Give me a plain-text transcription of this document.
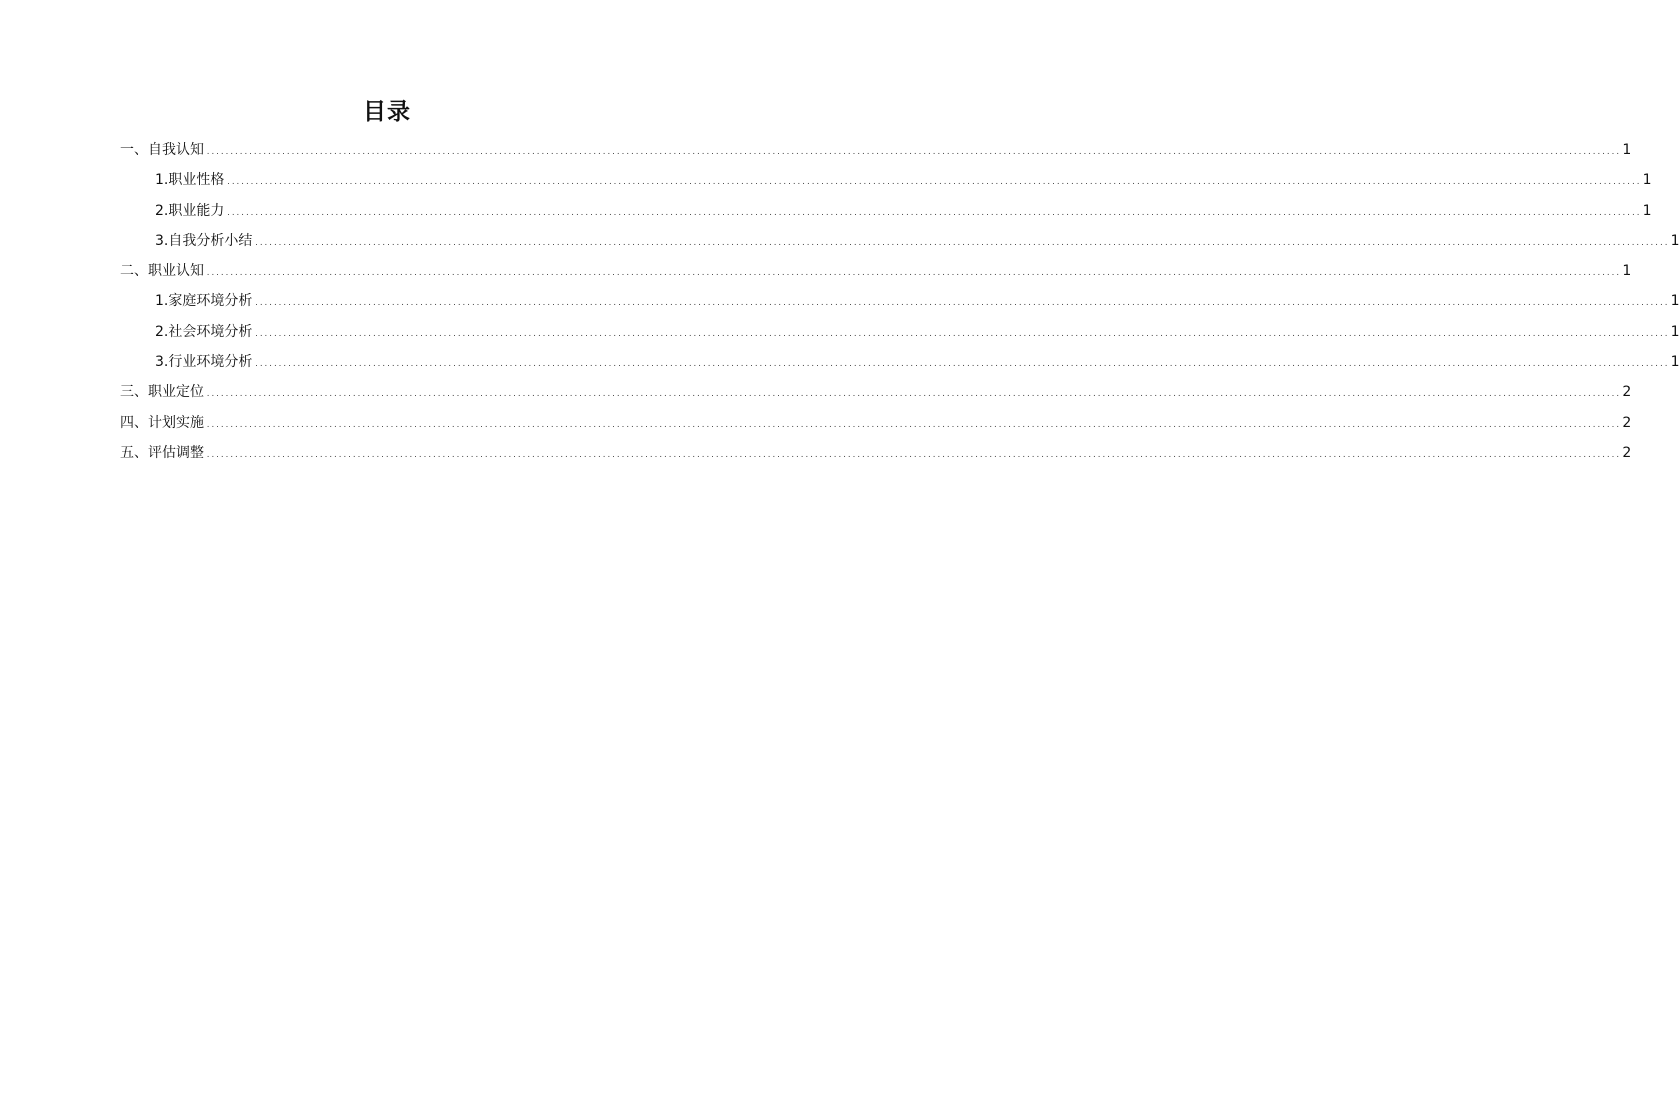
目录
一、自我认知 ............................................................................................................................................................................................................................................................................................................ 1
1.职业性格 ............................................................................................................................................................................................................................................................................................................ 1
2.职业能力 ............................................................................................................................................................................................................................................................................................................ 1
3.自我分析小结 ............................................................................................................................................................................................................................................................................................................ 1
二、职业认知 ............................................................................................................................................................................................................................................................................................................ 1
1.家庭环境分析 ............................................................................................................................................................................................................................................................................................................ 1
2.社会环境分析 ............................................................................................................................................................................................................................................................................................................ 1
3.行业环境分析 ............................................................................................................................................................................................................................................................................................................ 1
三、职业定位 ............................................................................................................................................................................................................................................................................................................ 2
四、计划实施 ............................................................................................................................................................................................................................................................................................................ 2
五、评估调整 ............................................................................................................................................................................................................................................................................................................ 2
